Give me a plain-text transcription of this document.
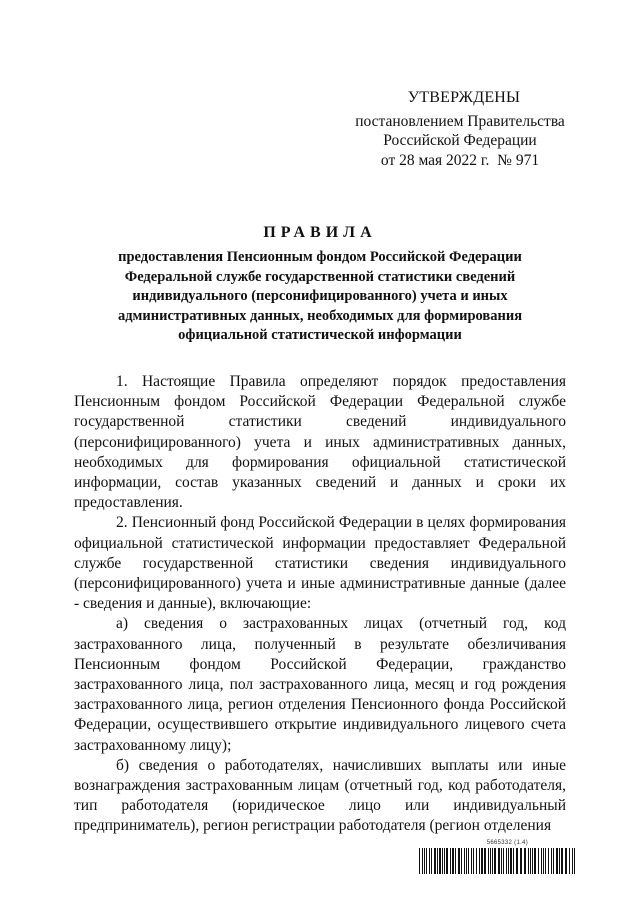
УТВЕРЖДЕНЫ
постановлением Правительства
Российской Федерации
от 28 мая 2022 г.  № 971
ПРАВИЛА
предоставления Пенсионным фондом Российской Федерации Федеральной службе государственной статистики сведений индивидуального (персонифицированного) учета и иных административных данных, необходимых для формирования официальной статистической информации

1. Настоящие Правила определяют порядок предоставления Пенсионным фондом Российской Федерации Федеральной службе государственной статистики сведений индивидуального (персонифицированного) учета и иных административных данных, необходимых для формирования официальной статистической информации, состав указанных сведений и данных и сроки их предоставления.

2. Пенсионный фонд Российской Федерации в целях формирования официальной статистической информации предоставляет Федеральной службе государственной статистики сведения индивидуального (персонифицированного) учета и иные административные данные (далее - сведения и данные), включающие:

а) сведения о застрахованных лицах (отчетный год, код застрахованного лица, полученный в результате обезличивания Пенсионным фондом Российской Федерации, гражданство застрахованного лица, пол застрахованного лица, месяц и год рождения застрахованного лица, регион отделения Пенсионного фонда Российской Федерации, осуществившего открытие индивидуального лицевого счета застрахованному лицу);

б) сведения о работодателях, начисливших выплаты или иные вознаграждения застрахованным лицам (отчетный год, код работодателя, тип работодателя (юридическое лицо или индивидуальный предприниматель), регион регистрации работодателя (регион отделения

5665332 (1.4)
